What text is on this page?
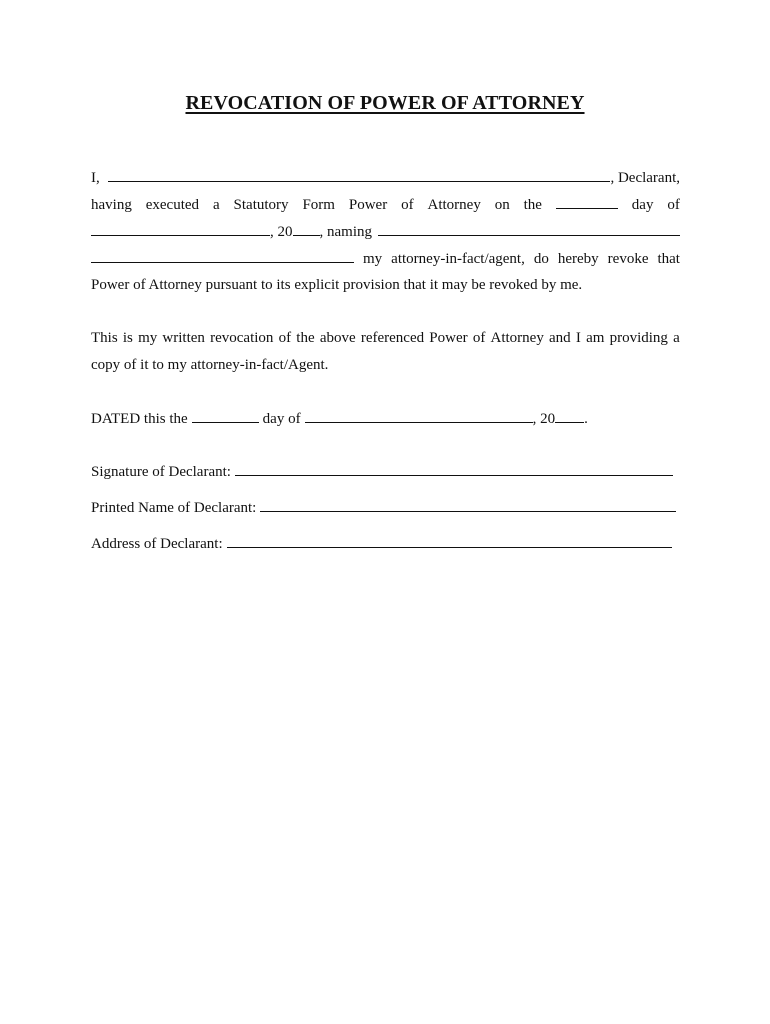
REVOCATION OF POWER OF ATTORNEY
I,	, Declarant,
having executed a Statutory Form Power of Attorney on the	day of
, 20 , naming
my attorney-in-fact/agent, do hereby revoke that
Power of Attorney pursuant to its explicit provision that it may be revoked by me.
This is my written revocation of the above referenced Power of Attorney and I am providing a
copy of it to my attorney-in-fact/Agent.
DATED this the	day of	, 20 .
Signature of Declarant:
Printed Name of Declarant:
Address of Declarant:
